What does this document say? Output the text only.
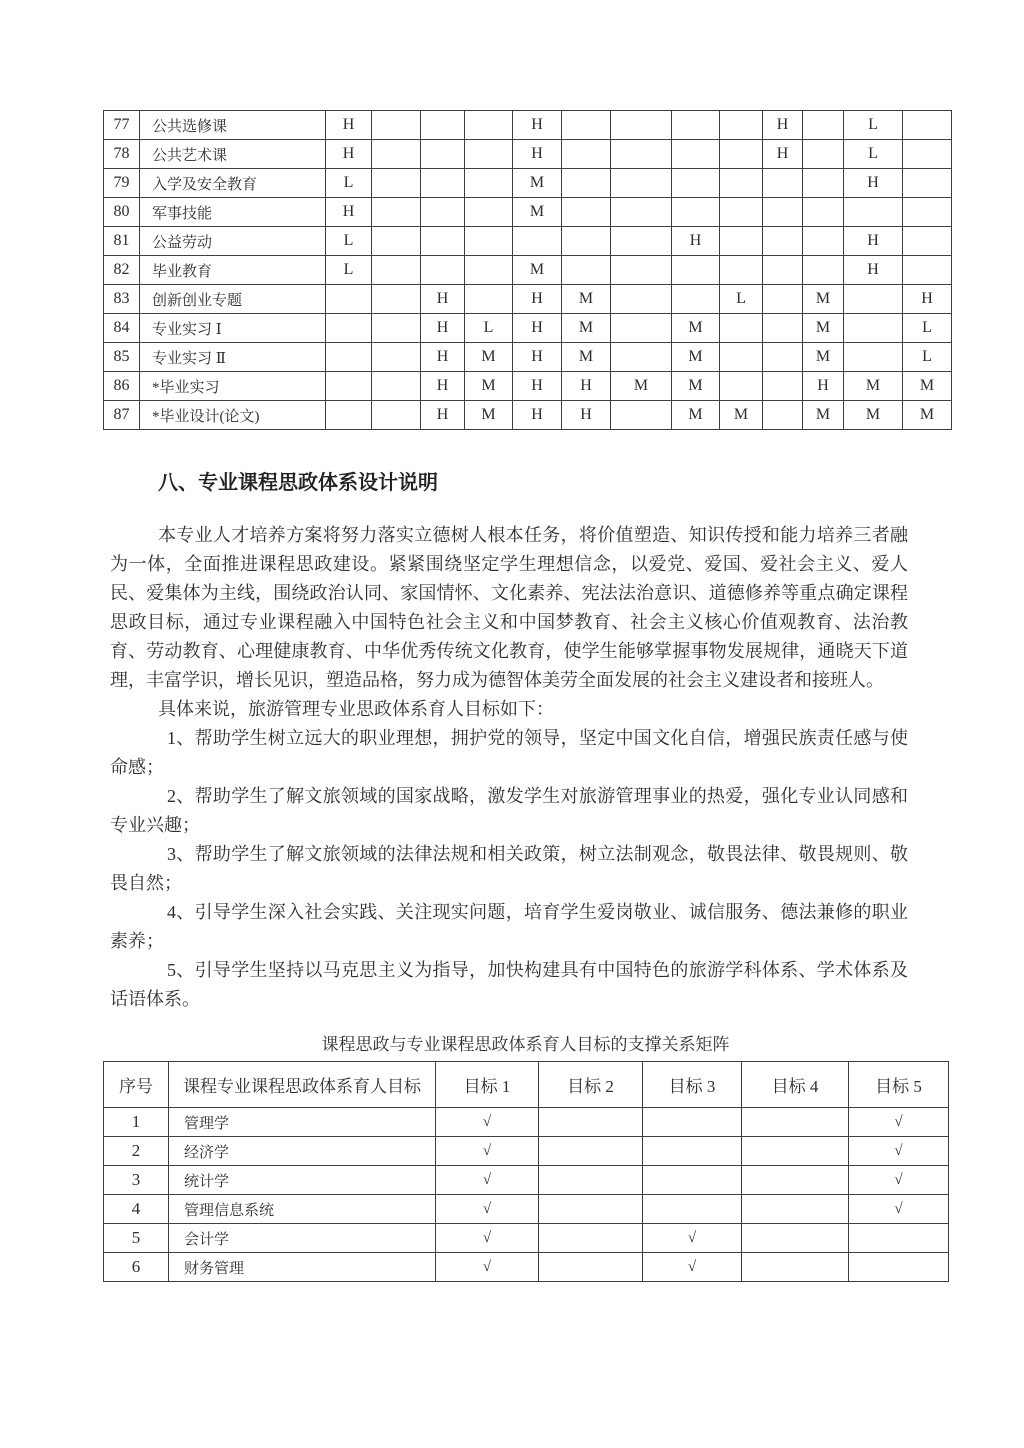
77	公共选修课	H				H					H		L	
78	公共艺术课	H				H					H		L	
79	入学及安全教育	L				M							H	
80	军事技能	H				M								
81	公益劳动	L							H				H	
82	毕业教育	L				M							H	
83	创新创业专题			H		H	M			L		M		H
84	专业实习 Ⅰ			H	L	H	M		M			M		L
85	专业实习 Ⅱ			H	M	H	M		M			M		L
86	*毕业实习			H	M	H	H	M	M			H	M	M
87	*毕业设计(论文)			H	M	H	H		M	M		M	M	M
八、专业课程思政体系设计说明
本专业人才培养方案将努力落实立德树人根本任务，将价值塑造、知识传授和能力培养三者融为一体，全面推进课程思政建设。紧紧围绕坚定学生理想信念，以爱党、爱国、爱社会主义、爱人民、爱集体为主线，围绕政治认同、家国情怀、文化素养、宪法法治意识、道德修养等重点确定课程思政目标，通过专业课程融入中国特色社会主义和中国梦教育、社会主义核心价值观教育、法治教育、劳动教育、心理健康教育、中华优秀传统文化教育，使学生能够掌握事物发展规律，通晓天下道理，丰富学识，增长见识，塑造品格，努力成为德智体美劳全面发展的社会主义建设者和接班人。
具体来说，旅游管理专业思政体系育人目标如下：
1、帮助学生树立远大的职业理想，拥护党的领导，坚定中国文化自信，增强民族责任感与使命感；
2、帮助学生了解文旅领域的国家战略，激发学生对旅游管理事业的热爱，强化专业认同感和专业兴趣；
3、帮助学生了解文旅领域的法律法规和相关政策，树立法制观念，敬畏法律、敬畏规则、敬畏自然；
4、引导学生深入社会实践、关注现实问题，培育学生爱岗敬业、诚信服务、德法兼修的职业素养；
5、引导学生坚持以马克思主义为指导，加快构建具有中国特色的旅游学科体系、学术体系及话语体系。
课程思政与专业课程思政体系育人目标的支撑关系矩阵
序号	课程专业课程思政体系育人目标	目标 1	目标 2	目标 3	目标 4	目标 5
1	管理学	√				√
2	经济学	√				√
3	统计学	√				√
4	管理信息系统	√				√
5	会计学	√		√		
6	财务管理	√		√		
